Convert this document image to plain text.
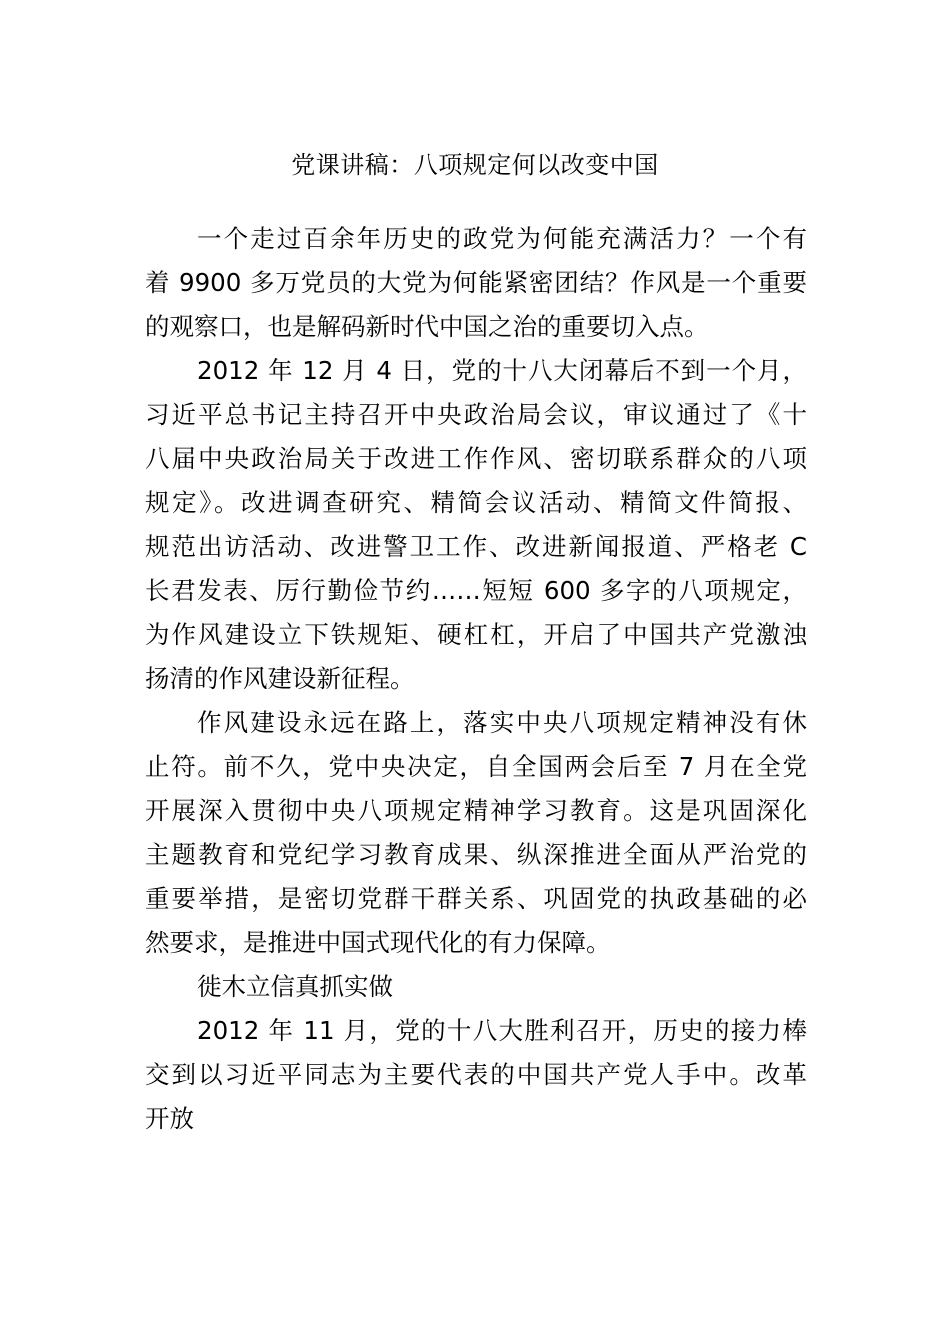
党课讲稿：八项规定何以改变中国
一个走过百余年历史的政党为何能充满活力？一个有
着 9900 多万党员的大党为何能紧密团结？作风是一个重要
的观察口，也是解码新时代中国之治的重要切入点。
2012 年 12 月 4 日，党的十八大闭幕后不到一个月，
习近平总书记主持召开中央政治局会议，审议通过了《十
八届中央政治局关于改进工作作风、密切联系群众的八项
规定》。改进调查研究、精简会议活动、精简文件简报、
规范出访活动、改进警卫工作、改进新闻报道、严格老 C
长君发表、厉行勤俭节约……短短 600 多字的八项规定，
为作风建设立下铁规矩、硬杠杠，开启了中国共产党激浊
扬清的作风建设新征程。
作风建设永远在路上，落实中央八项规定精神没有休
止符。前不久，党中央决定，自全国两会后至 7 月在全党
开展深入贯彻中央八项规定精神学习教育。这是巩固深化
主题教育和党纪学习教育成果、纵深推进全面从严治党的
重要举措，是密切党群干群关系、巩固党的执政基础的必
然要求，是推进中国式现代化的有力保障。
徙木立信真抓实做
2012 年 11 月，党的十八大胜利召开，历史的接力棒
交到以习近平同志为主要代表的中国共产党人手中。改革
开放
